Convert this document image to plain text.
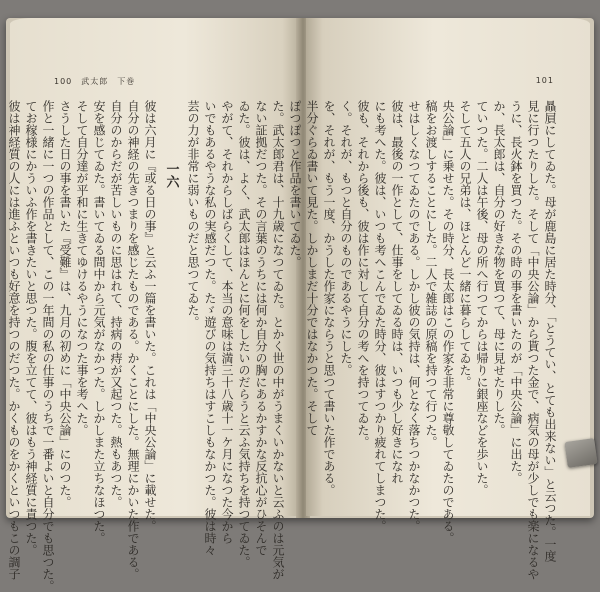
100　武太郎　下巻
た。武太郎君は、十九歳になつてゐた。とかく世の中がうまくいかないと云ふのは元気が
ない証拠だつた。その言葉のうちには何か自分の胸にあるかすかな反抗心がひそんで
ゐた。彼は、よく、武太郎はほんとに何をしたいのだらうと云ふ気持ちを持つてゐた。
やがて、それからしばらくして、本当の意味は満三十八歳十一ケ月になつた今から
いでもあるやうな私の実感だつた。たゞ遊びの気持ちはすこしもなかつた。彼は時々
芸の力が非常に弱いものだと思つてゐた。
一六
彼は六月に『或る日の事』と云ふ一篇を書いた。これは「中央公論」に載せた。
自分の神経の先きつまりを感じたものである。かくことにした。無理にかいた作である。
自分のからだが苦しいものに思はれて、持病の痔が又起つた。熱もあつた。
安を感じてゐた。書いてゐる間中から元気がなかつた。しかしまた立ちなほつた。
そして自分達が平和に生きてゆけるやうになつた事を考へた。
さうした日の事を書いた『受難』は、九月の初めに「中央公論」にのつた。
作と一緒に一つの作品として、この一年間の私の仕事のうちで一番よいと自分でも思つた。
てお稼様にかういふ作を書きたいと思つた。腹を立てて、彼はもう神経質に責つた。
彼は神経質の人には進ふといつも好意を持つのだつた。かくものをかくといつもこの調子
101
贔屓にしてゐた。母が鹿島に居た時分、「とうてい、とても出来ない」と云つた。一度
見に行つたりした。そして「中央公論」から貰つた金で、病気の母が少しでも楽になるや
うに、長火鉢を買つた。その時の事を書いたのが「中央公論」に出た。
か、長太郎は、自分の好きな物を買つて、母に見せたりした。
ていつた。二人は午後、母の所へ行つてからは帰りに銀座などを歩いた。
そして五人の兄弟は、ほとんど一緒に暮らしてゐた。
央公論」に乗せた。その時分、長太郎はこの作家を非常に尊敬してゐたのである。
稿をお渡しすることにした。二人で雑誌の原稿を持つて行つた。
せはしくなつてゐたのである。しかし彼の気持は、何となく落ちつかなかつた。
彼は、最後の一作として、仕事をしてゐる時は、いつも少し好きになれ
にも考へた。彼は、いつも考へこんでゐた時分、彼はすつかり疲れてしまつた。
彼も、それから後も、彼は作に対して自分の考へを持つてゐた。
く。それが、もつと自分のものであるやうにした。
を、それが、もう一度、かうした作家にならうと思つて書いた作である。
半分ぐらゐ書いて見た。しかしまだ十分ではなかつた。そして
ぽつぽつと作品を書いてゐた。
